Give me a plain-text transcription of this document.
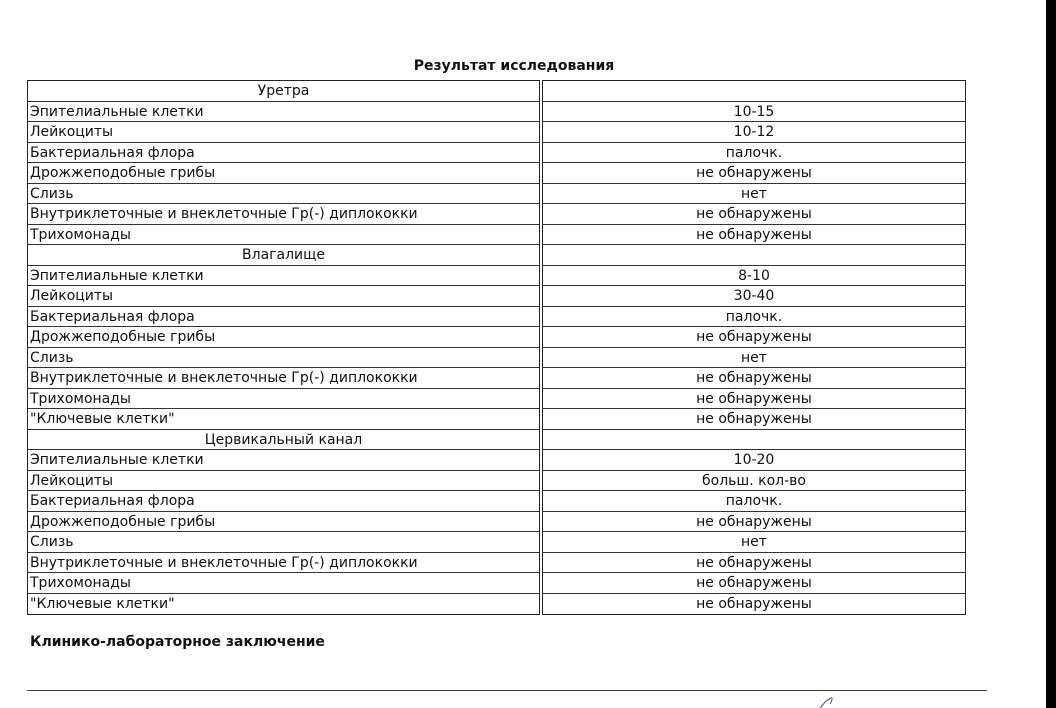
Результат исследования
Уретра
Эпителиальные клетки
Лейкоциты
Бактериальная флора
Дрожжеподобные грибы
Слизь
Внутриклеточные и внеклеточные Гр(-) диплококки
Трихомонады
Влагалище
Эпителиальные клетки
Лейкоциты
Бактериальная флора
Дрожжеподобные грибы
Слизь
Внутриклеточные и внеклеточные Гр(-) диплококки
Трихомонады
"Ключевые клетки"
Цервикальный канал
Эпителиальные клетки
Лейкоциты
Бактериальная флора
Дрожжеподобные грибы
Слизь
Внутриклеточные и внеклеточные Гр(-) диплококки
Трихомонады
"Ключевые клетки"
10-15
10-12
палочк.
не обнаружены
нет
не обнаружены
не обнаружены
8-10
30-40
палочк.
не обнаружены
нет
не обнаружены
не обнаружены
не обнаружены
10-20
больш. кол-во
палочк.
не обнаружены
нет
не обнаружены
не обнаружены
не обнаружены
Клинико-лабораторное заключение
